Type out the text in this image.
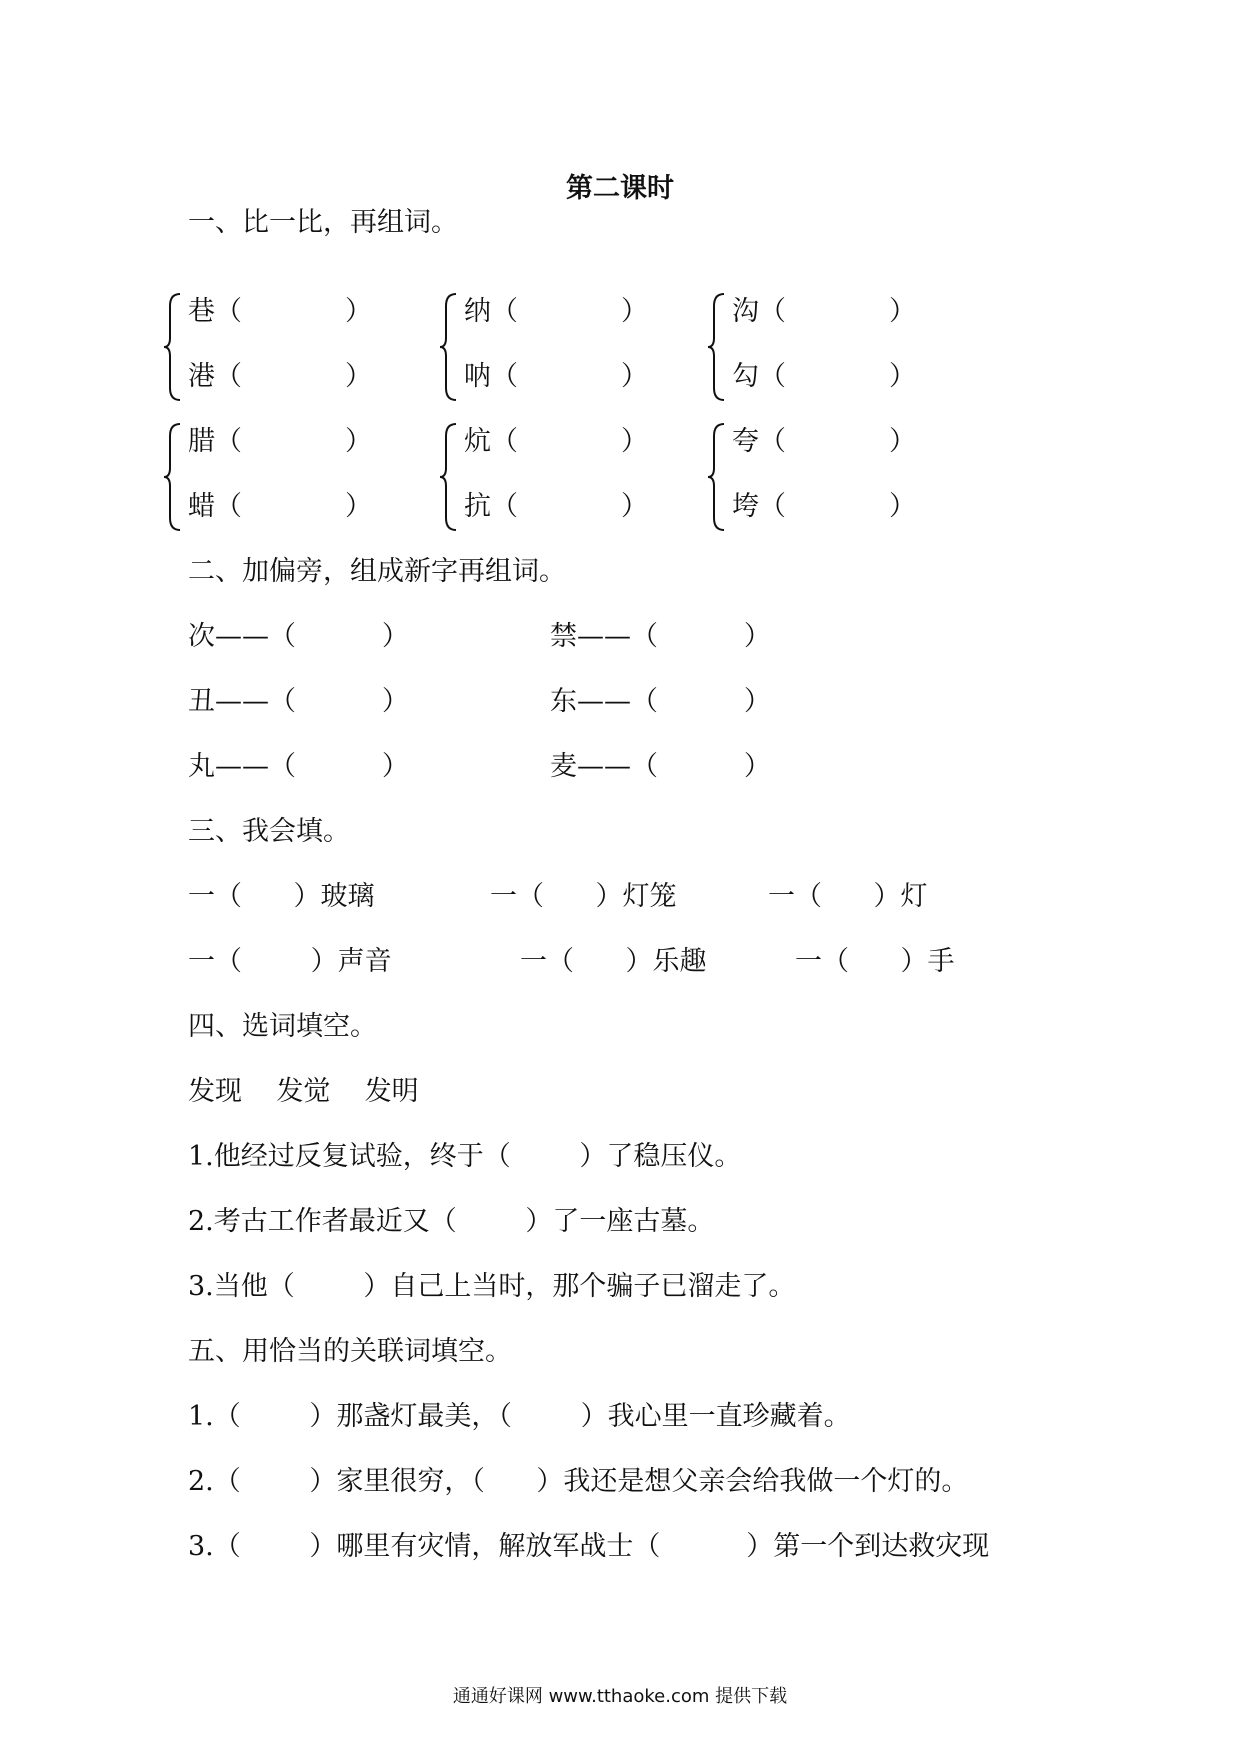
第二课时
一、比一比，再组词。
巷（            ）
港（            ）
纳（            ）
呐（            ）
沟（            ）
勾（            ）
腊（            ）
蜡（            ）
炕（            ）
抗（            ）
夸（            ）
垮（            ）
二、加偏旁，组成新字再组词。
次——（          ）	禁——（          ）
丑——（          ）	东——（          ）
丸——（          ）	麦——（          ）
三、我会填。
一（      ）玻璃	一（      ）灯笼	一（      ）灯
一（        ）声音	一（      ）乐趣	一（      ）手
四、选词填空。
发现    发觉    发明
1.他经过反复试验，终于（        ）了稳压仪。
2.考古工作者最近又（        ）了一座古墓。
3.当他（        ）自己上当时，那个骗子已溜走了。
五、用恰当的关联词填空。
1.（        ）那盏灯最美，（        ）我心里一直珍藏着。
2.（        ）家里很穷，（      ）我还是想父亲会给我做一个灯的。
3.（        ）哪里有灾情，解放军战士（          ）第一个到达救灾现
通通好课网 www.tthaoke.com 提供下载
